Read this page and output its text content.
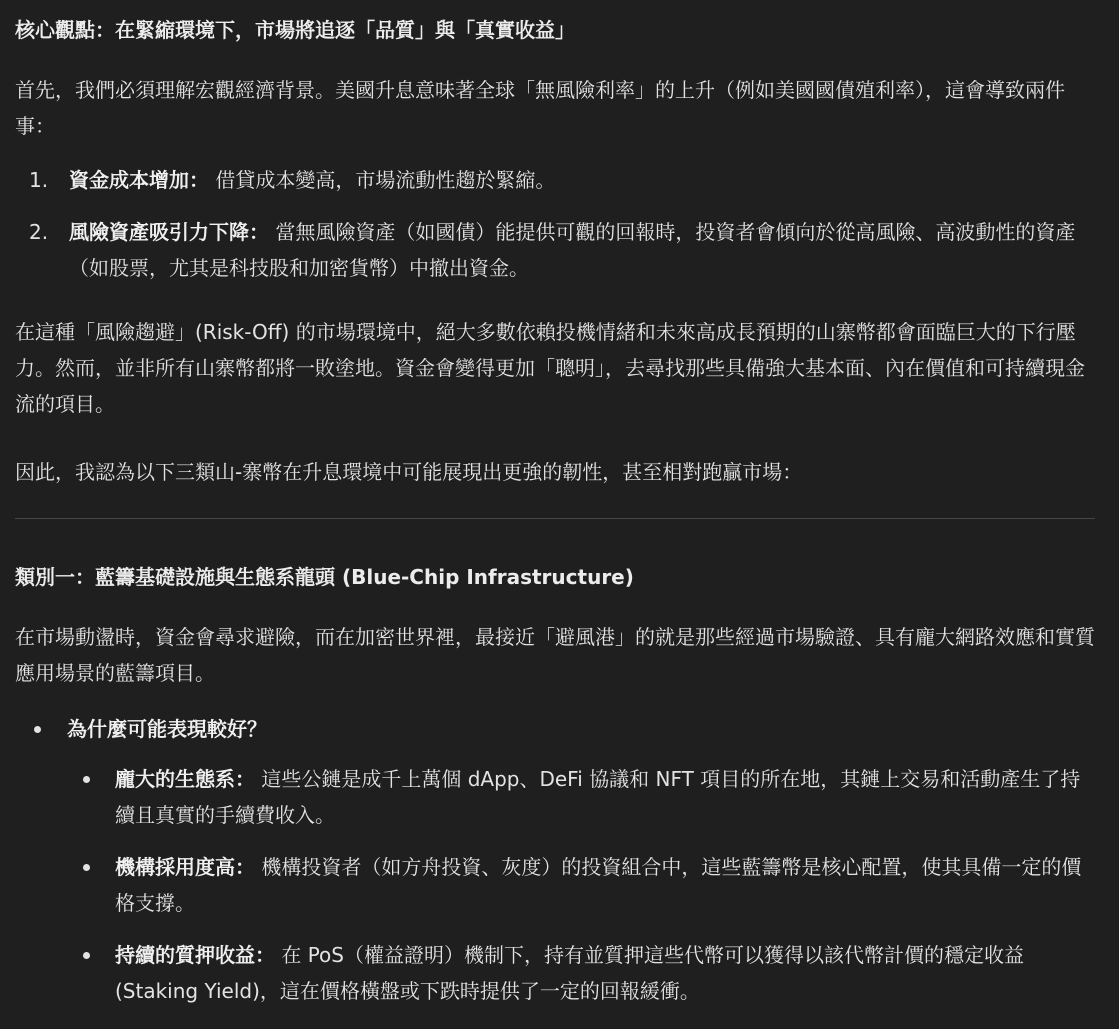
核心觀點：在緊縮環境下，市場將追逐「品質」與「真實收益」

首先，我們必須理解宏觀經濟背景。美國升息意味著全球「無風險利率」的上升（例如美國國債殖利率），這會導致兩件事：

1. 資金成本增加： 借貸成本變高，市場流動性趨於緊縮。
2. 風險資產吸引力下降： 當無風險資產（如國債）能提供可觀的回報時，投資者會傾向於從高風險、高波動性的資產（如股票，尤其是科技股和加密貨幣）中撤出資金。

在這種「風險趨避」(Risk-Off) 的市場環境中，絕大多數依賴投機情緒和未來高成長預期的山寨幣都會面臨巨大的下行壓力。然而，並非所有山寨幣都將一敗塗地。資金會變得更加「聰明」，去尋找那些具備強大基本面、內在價值和可持續現金流的項目。

因此，我認為以下三類山-寨幣在升息環境中可能展現出更強的韌性，甚至相對跑贏市場：

類別一：藍籌基礎設施與生態系龍頭 (Blue-Chip Infrastructure)

在市場動盪時，資金會尋求避險，而在加密世界裡，最接近「避風港」的就是那些經過市場驗證、具有龐大網路效應和實質應用場景的藍籌項目。

為什麼可能表現較好？
龐大的生態系： 這些公鏈是成千上萬個 dApp、DeFi 協議和 NFT 項目的所在地，其鏈上交易和活動產生了持續且真實的手續費收入。
機構採用度高： 機構投資者（如方舟投資、灰度）的投資組合中，這些藍籌幣是核心配置，使其具備一定的價格支撐。
持續的質押收益： 在 PoS（權益證明）機制下，持有並質押這些代幣可以獲得以該代幣計價的穩定收益 (Staking Yield)，這在價格橫盤或下跌時提供了一定的回報緩衝。
